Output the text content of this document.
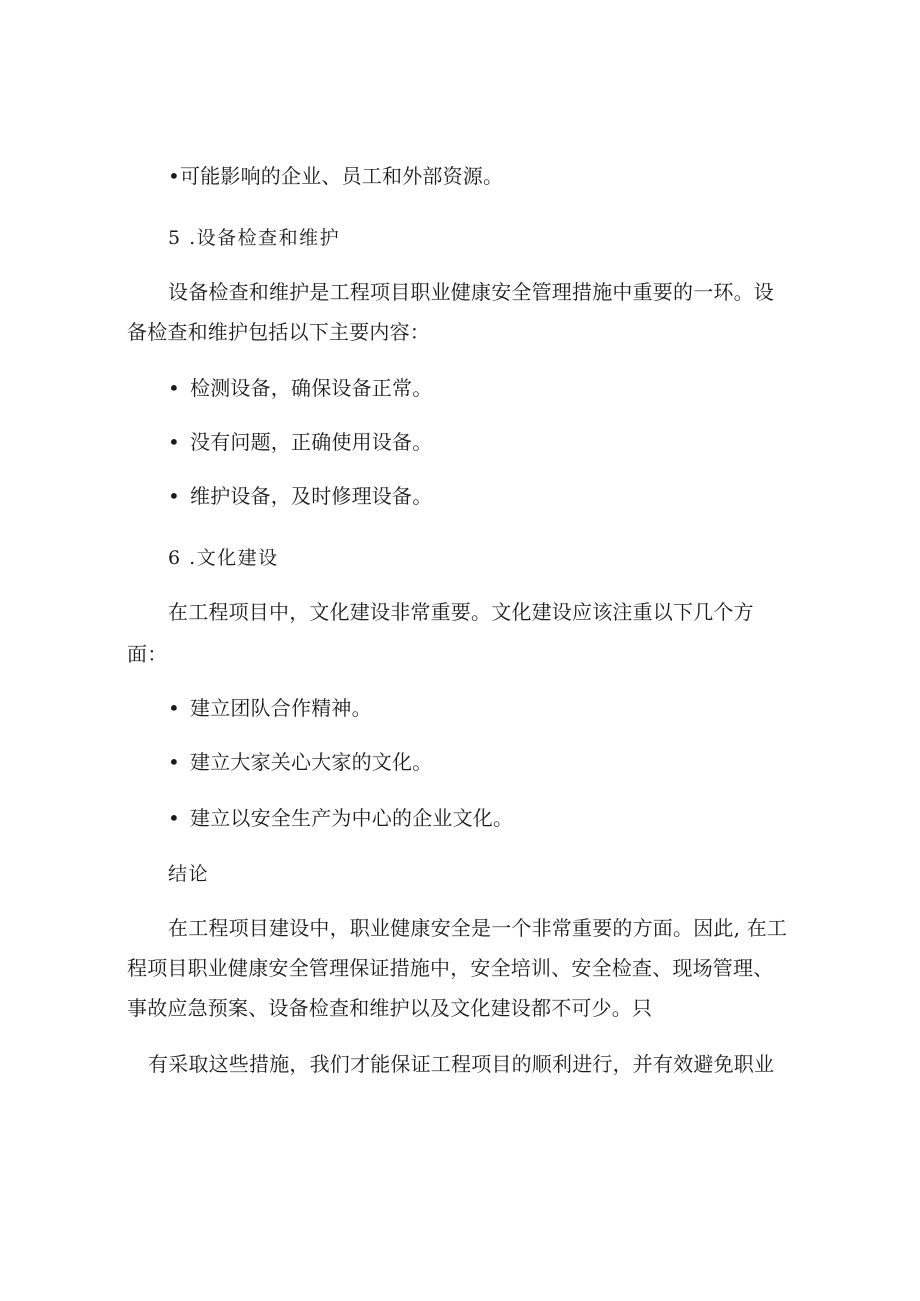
•可能影响的企业、员工和外部资源。

5 .设备检查和维护

设备检查和维护是工程项目职业健康安全管理措施中重要的一环。设

备检查和维护包括以下主要内容：

• 检测设备，确保设备正常。

• 没有问题，正确使用设备。

• 维护设备，及时修理设备。

6 .文化建设

在工程项目中，文化建设非常重要。文化建设应该注重以下几个方

面：

• 建立团队合作精神。

• 建立大家关心大家的文化。

• 建立以安全生产为中心的企业文化。

结论

在工程项目建设中，职业健康安全是一个非常重要的方面。因此, 在工

程项目职业健康安全管理保证措施中，安全培训、安全检查、现场管理、

事故应急预案、设备检查和维护以及文化建设都不可少。只

有采取这些措施，我们才能保证工程项目的顺利进行，并有效避免职业
